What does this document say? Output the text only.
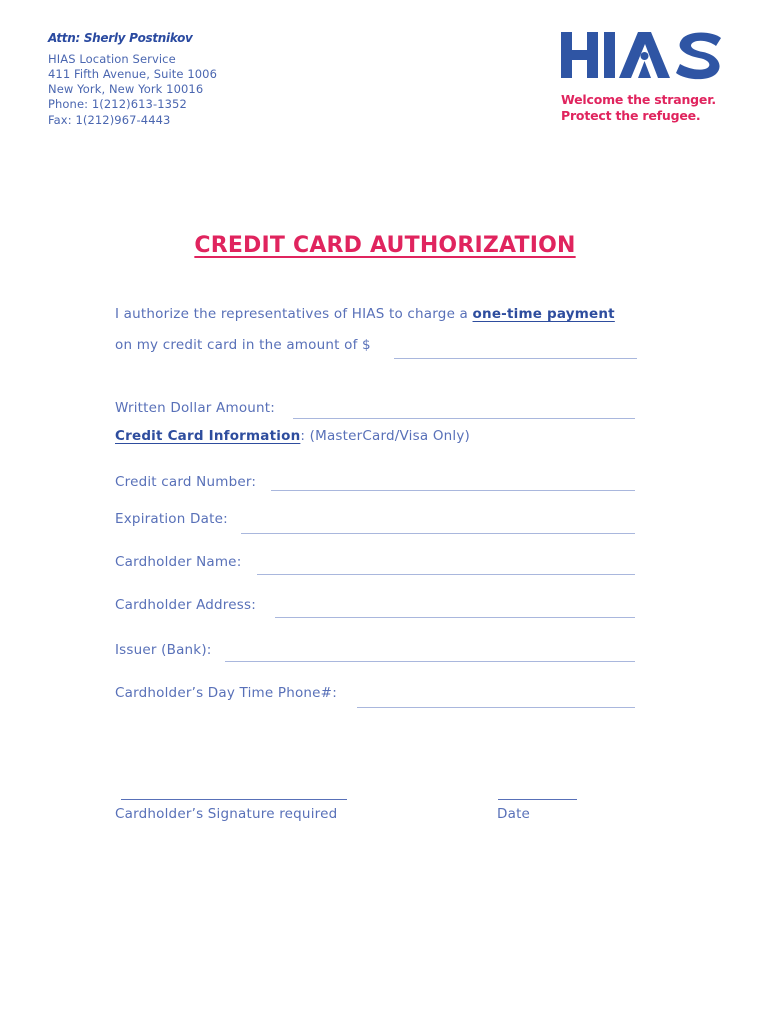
Attn: Sherly Postnikov
HIAS Location Service
411 Fifth Avenue, Suite 1006
New York, New York 10016
Phone: 1(212)613-1352
Fax: 1(212)967-4443
Welcome the stranger.
Protect the refugee.
CREDIT CARD AUTHORIZATION
I authorize the representatives of HIAS to charge a one-time payment
on my credit card in the amount of $
Written Dollar Amount:
Credit Card Information: (MasterCard/Visa Only)
Credit card Number:
Expiration Date:
Cardholder Name:
Cardholder Address:
Issuer (Bank):
Cardholder’s Day Time Phone#:
Cardholder’s Signature required	Date
